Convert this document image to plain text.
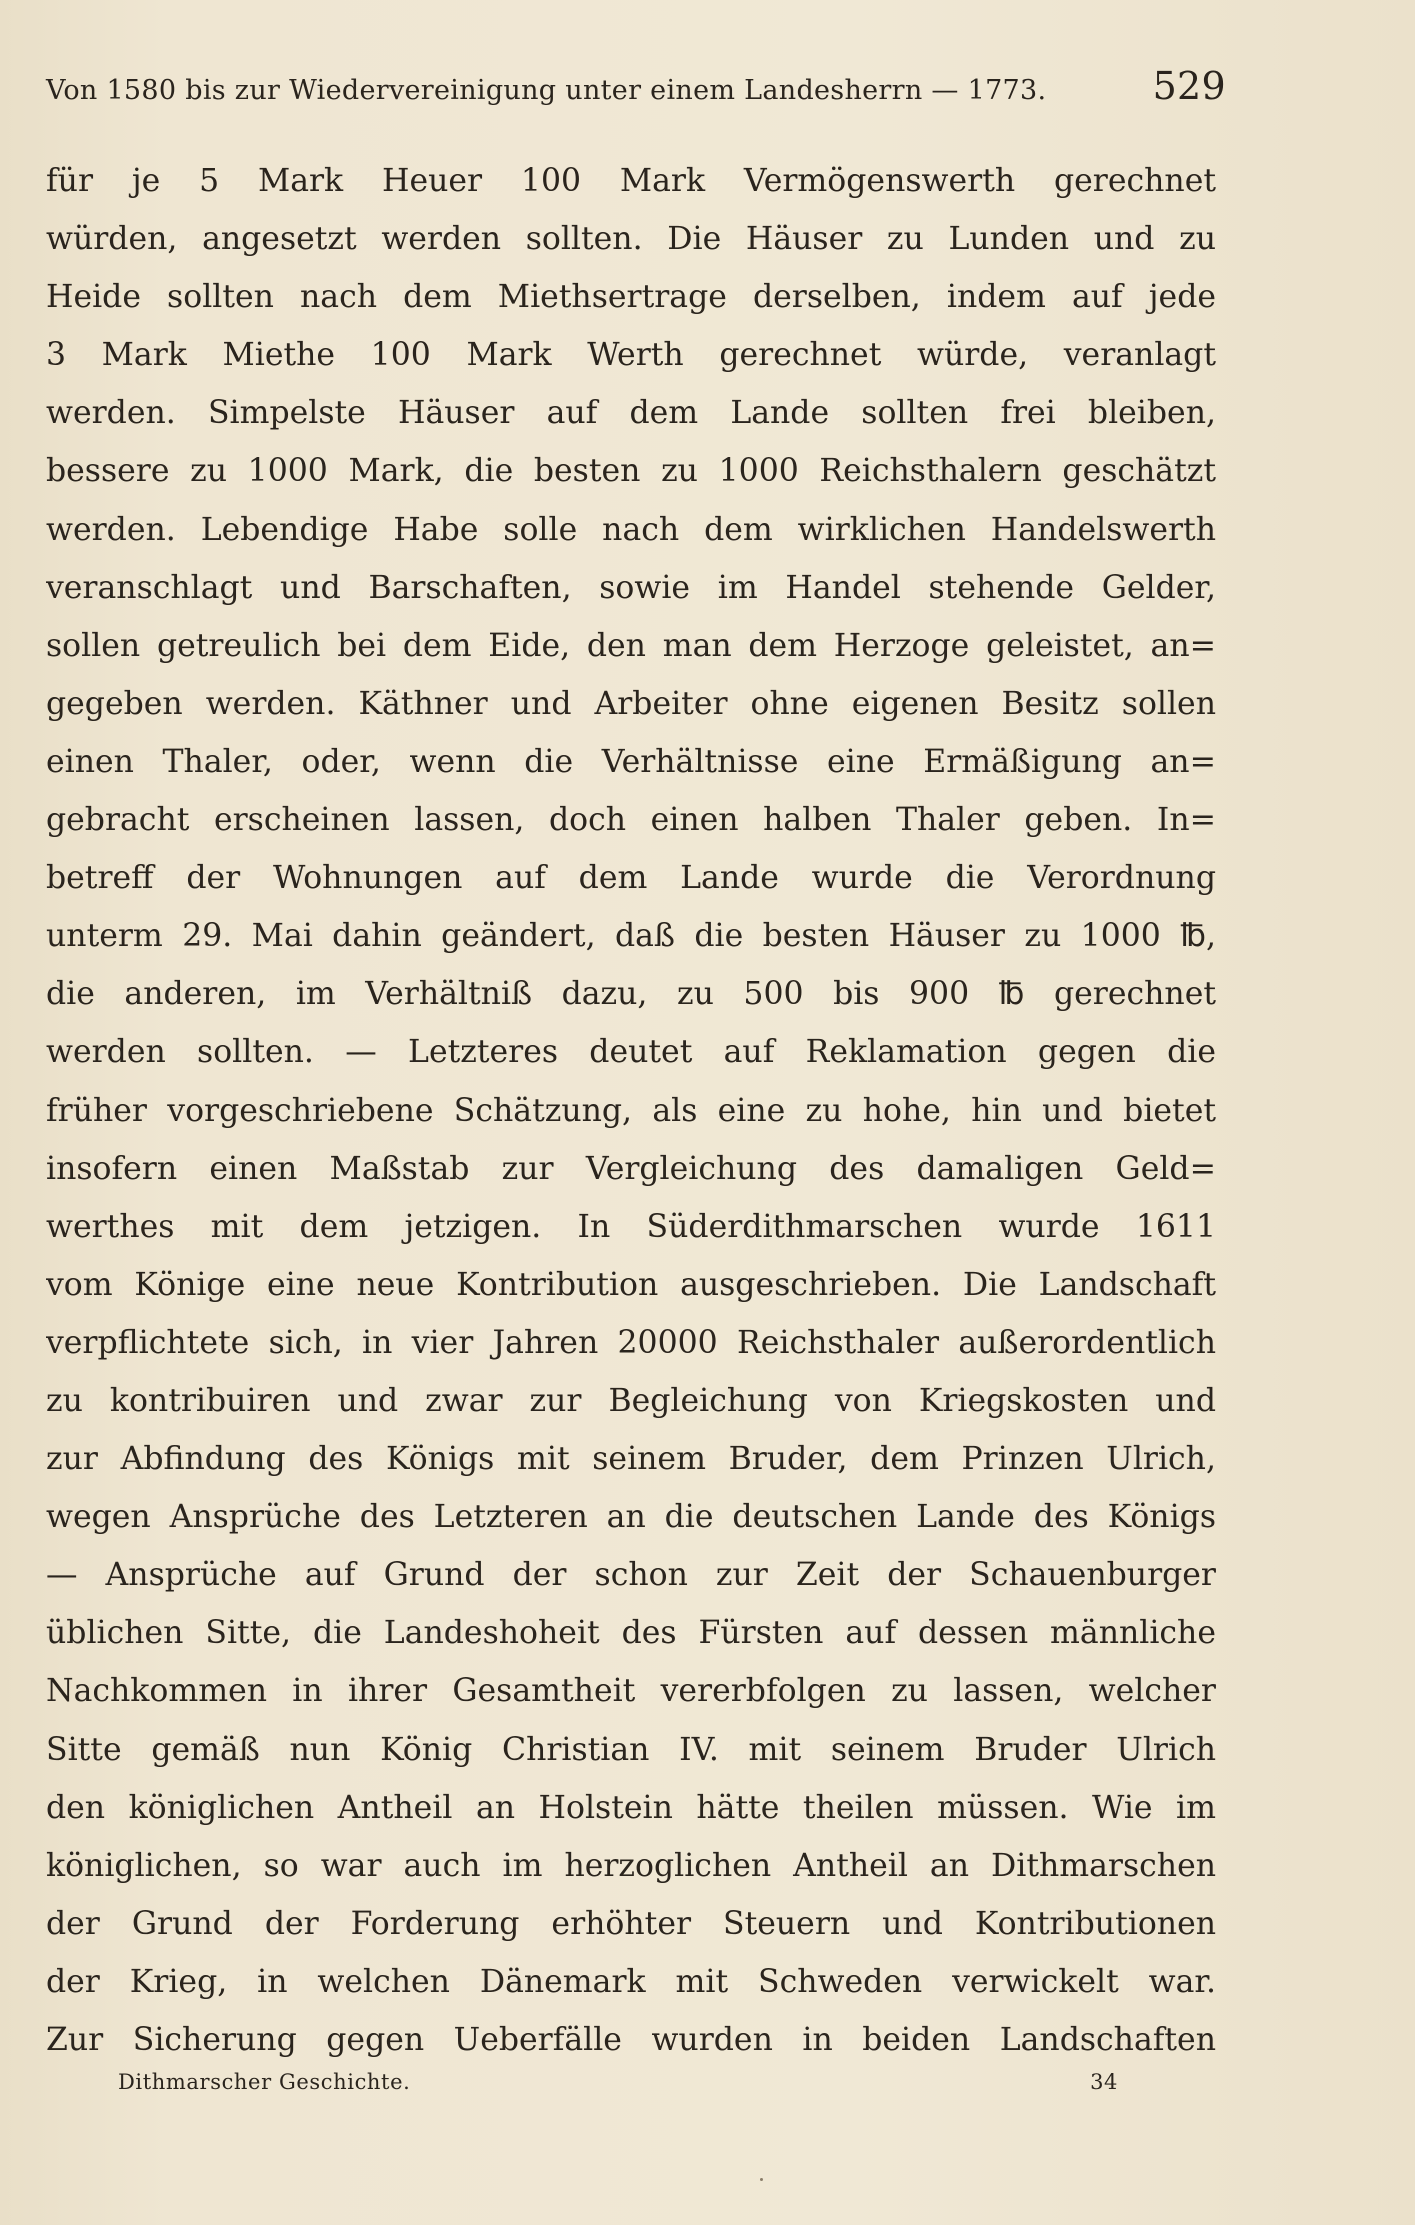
Von 1580 bis zur Wiedervereinigung unter einem Landesherrn — 1773.	529
für je 5 Mark Heuer 100 Mark Vermögenswerth gerechnet
würden, angesetzt werden sollten. Die Häuser zu Lunden und zu
Heide sollten nach dem Miethsertrage derselben, indem auf jede
3 Mark Miethe 100 Mark Werth gerechnet würde, veranlagt
werden. Simpelste Häuser auf dem Lande sollten frei bleiben,
bessere zu 1000 Mark, die besten zu 1000 Reichsthalern geschätzt
werden. Lebendige Habe solle nach dem wirklichen Handelswerth
veranschlagt und Barschaften, sowie im Handel stehende Gelder,
sollen getreulich bei dem Eide, den man dem Herzoge geleistet, an=
gegeben werden. Käthner und Arbeiter ohne eigenen Besitz sollen
einen Thaler, oder, wenn die Verhältnisse eine Ermäßigung an=
gebracht erscheinen lassen, doch einen halben Thaler geben. In=
betreff der Wohnungen auf dem Lande wurde die Verordnung
unterm 29. Mai dahin geändert, daß die besten Häuser zu 1000 ℔,
die anderen, im Verhältniß dazu, zu 500 bis 900 ℔ gerechnet
werden sollten. — Letzteres deutet auf Reklamation gegen die
früher vorgeschriebene Schätzung, als eine zu hohe, hin und bietet
insofern einen Maßstab zur Vergleichung des damaligen Geld=
werthes mit dem jetzigen. In Süderdithmarschen wurde 1611
vom Könige eine neue Kontribution ausgeschrieben. Die Landschaft
verpflichtete sich, in vier Jahren 20000 Reichsthaler außerordentlich
zu kontribuiren und zwar zur Begleichung von Kriegskosten und
zur Abfindung des Königs mit seinem Bruder, dem Prinzen Ulrich,
wegen Ansprüche des Letzteren an die deutschen Lande des Königs
— Ansprüche auf Grund der schon zur Zeit der Schauenburger
üblichen Sitte, die Landeshoheit des Fürsten auf dessen männliche
Nachkommen in ihrer Gesamtheit vererbfolgen zu lassen, welcher
Sitte gemäß nun König Christian IV. mit seinem Bruder Ulrich
den königlichen Antheil an Holstein hätte theilen müssen. Wie im
königlichen, so war auch im herzoglichen Antheil an Dithmarschen
der Grund der Forderung erhöhter Steuern und Kontributionen
der Krieg, in welchen Dänemark mit Schweden verwickelt war.
Zur Sicherung gegen Ueberfälle wurden in beiden Landschaften
Dithmarscher Geschichte.	34
